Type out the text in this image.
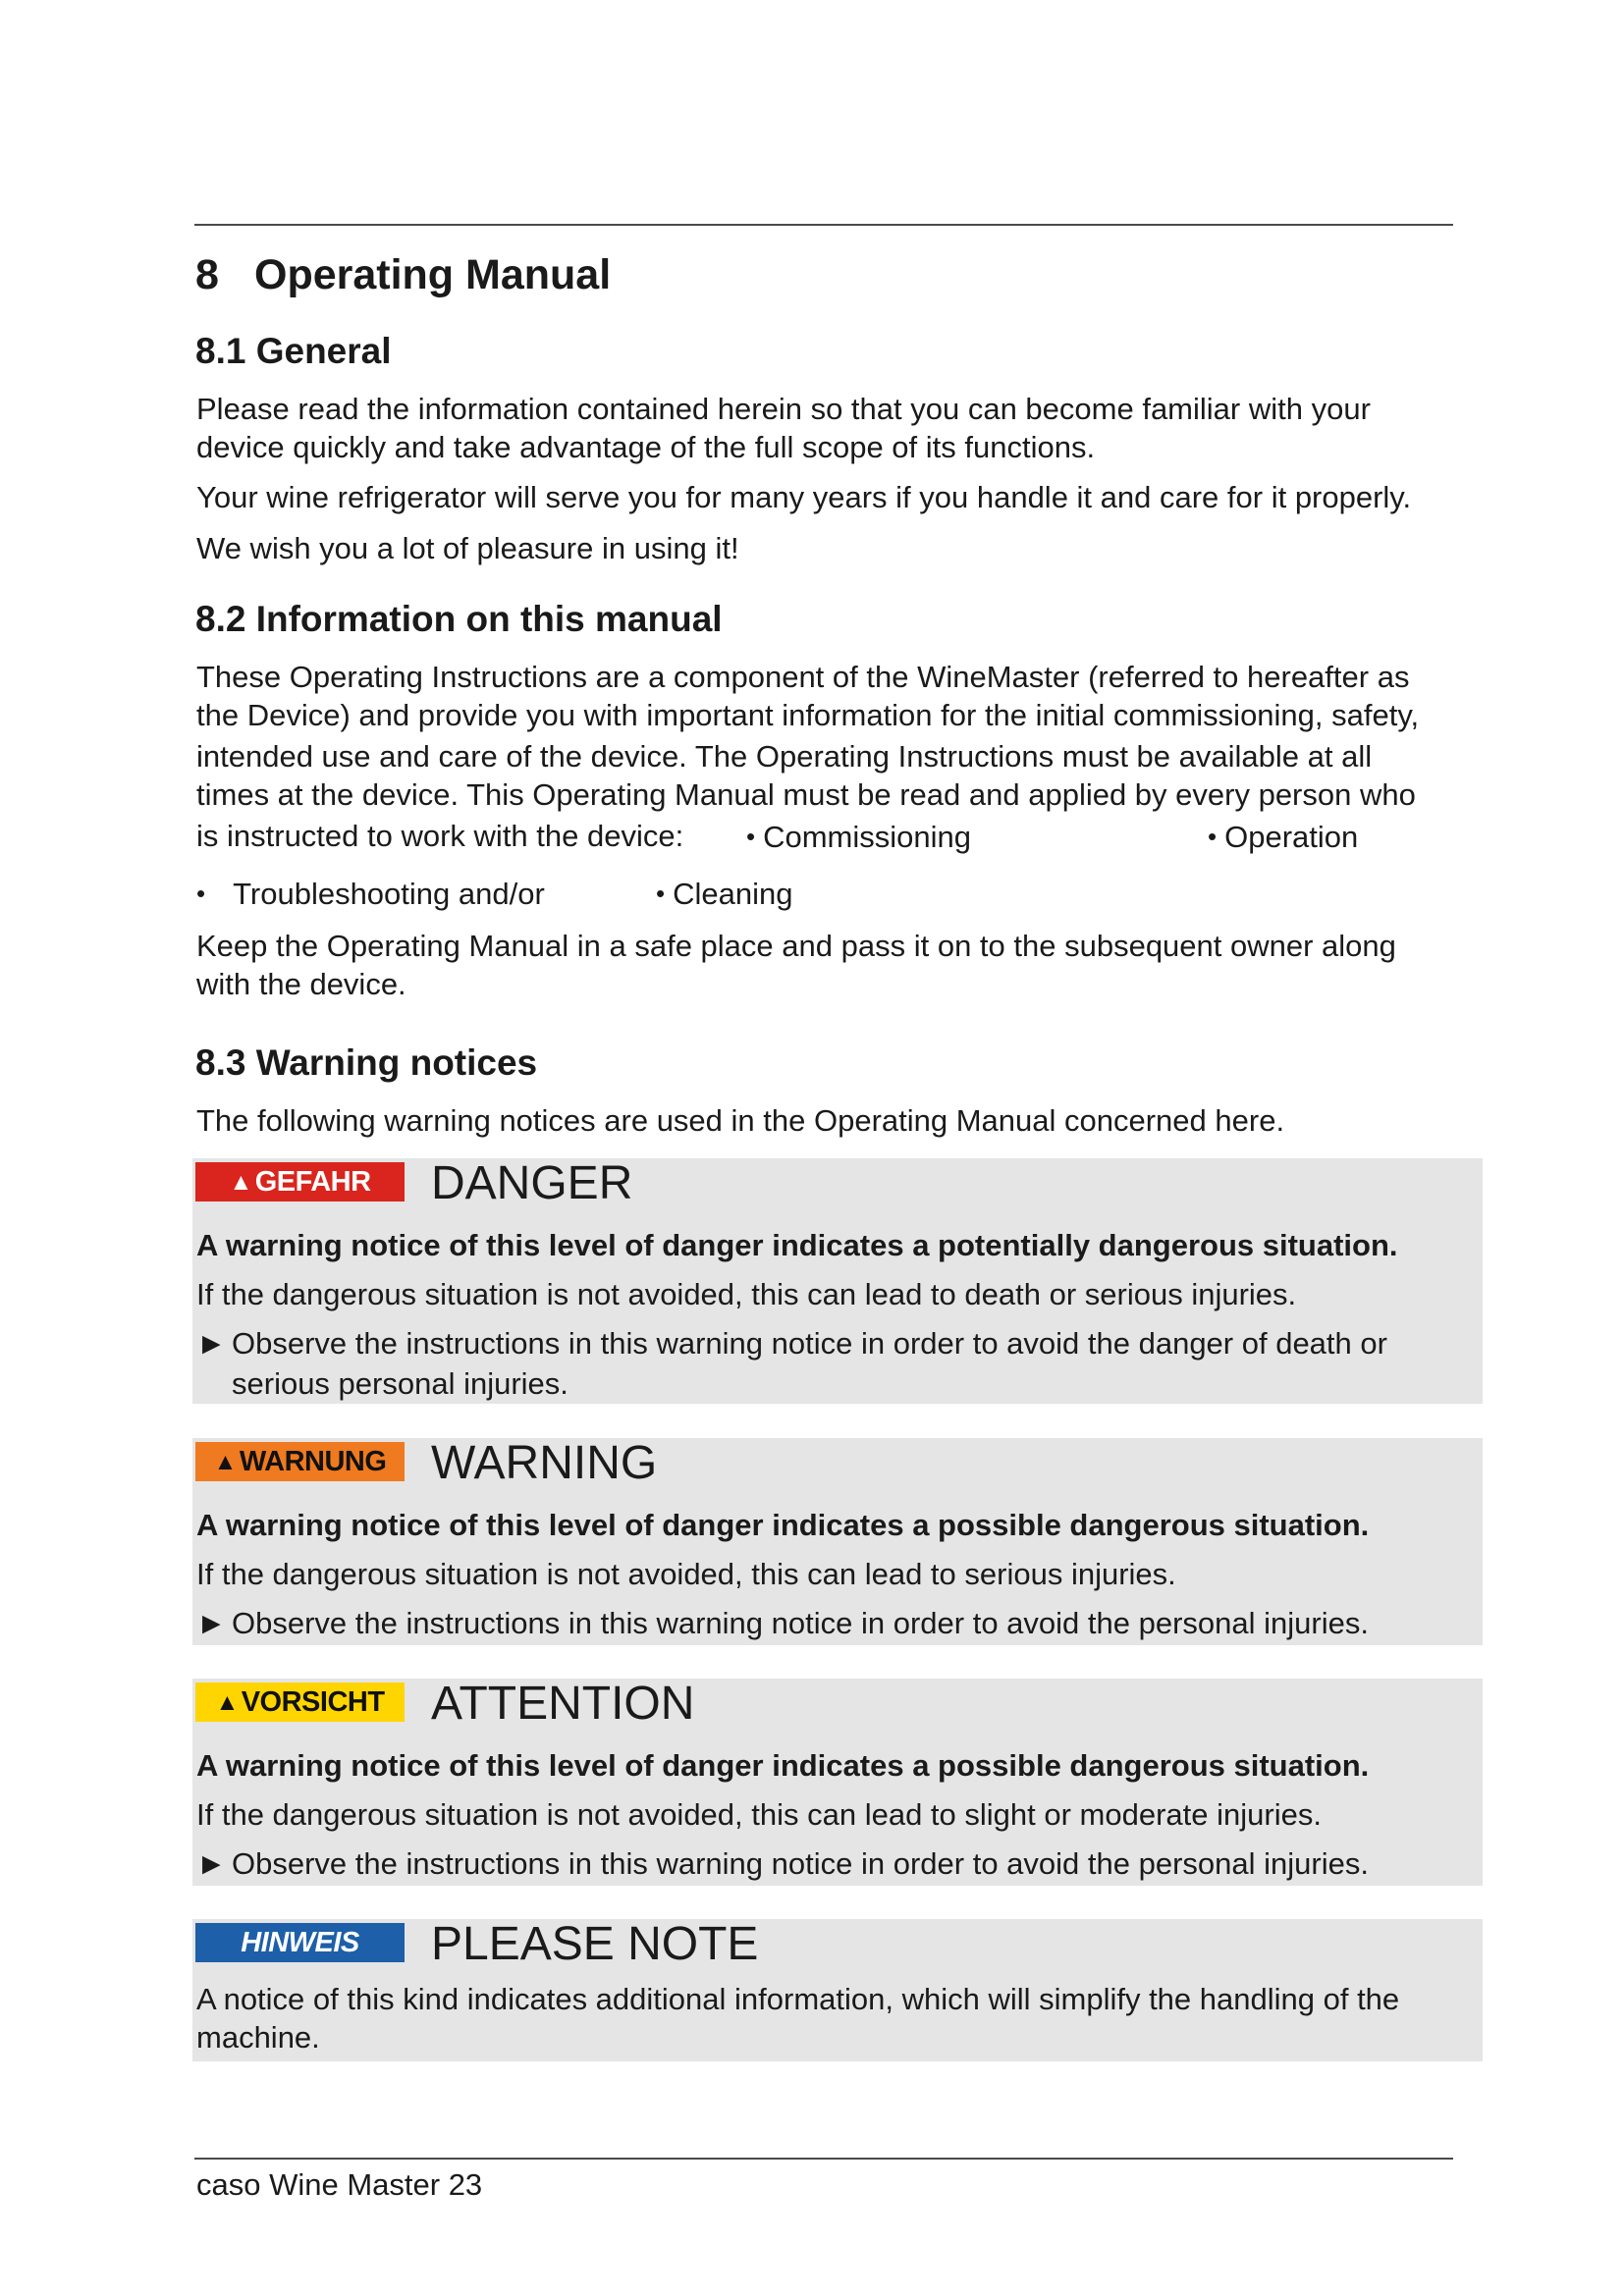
8 Operating Manual
8.1 General

Please read the information contained herein so that you can become familiar with your

device quickly and take advantage of the full scope of its functions.

Your wine refrigerator will serve you for many years if you handle it and care for it properly.

We wish you a lot of pleasure in using it!

8.2 Information on this manual

These Operating Instructions are a component of the WineMaster (referred to hereafter as

the Device) and provide you with important information for the initial commissioning, safety,

intended use and care of the device. The Operating Instructions must be available at all

times at the device. This Operating Manual must be read and applied by every person who

is instructed to work with the device:	• Commissioning	• Operation
• Troubleshooting and/or	• Cleaning

Keep the Operating Manual in a safe place and pass it on to the subsequent owner along

with the device.

8.3 Warning notices

The following warning notices are used in the Operating Manual concerned here.

▲ GEFAHR	DANGER
A warning notice of this level of danger indicates a potentially dangerous situation.
If the dangerous situation is not avoided, this can lead to death or serious injuries.
► Observe the instructions in this warning notice in order to avoid the danger of death or
serious personal injuries.
▲ WARNUNG WARNING
A warning notice of this level of danger indicates a possible dangerous situation.
If the dangerous situation is not avoided, this can lead to serious injuries.
► Observe the instructions in this warning notice in order to avoid the personal injuries.
▲ VORSICHT ATTENTION
A warning notice of this level of danger indicates a possible dangerous situation.
If the dangerous situation is not avoided, this can lead to slight or moderate injuries.
► Observe the instructions in this warning notice in order to avoid the personal injuries.
HINWEIS	PLEASE NOTE
A notice of this kind indicates additional information, which will simplify the handling of the
machine.
caso Wine Master 23
